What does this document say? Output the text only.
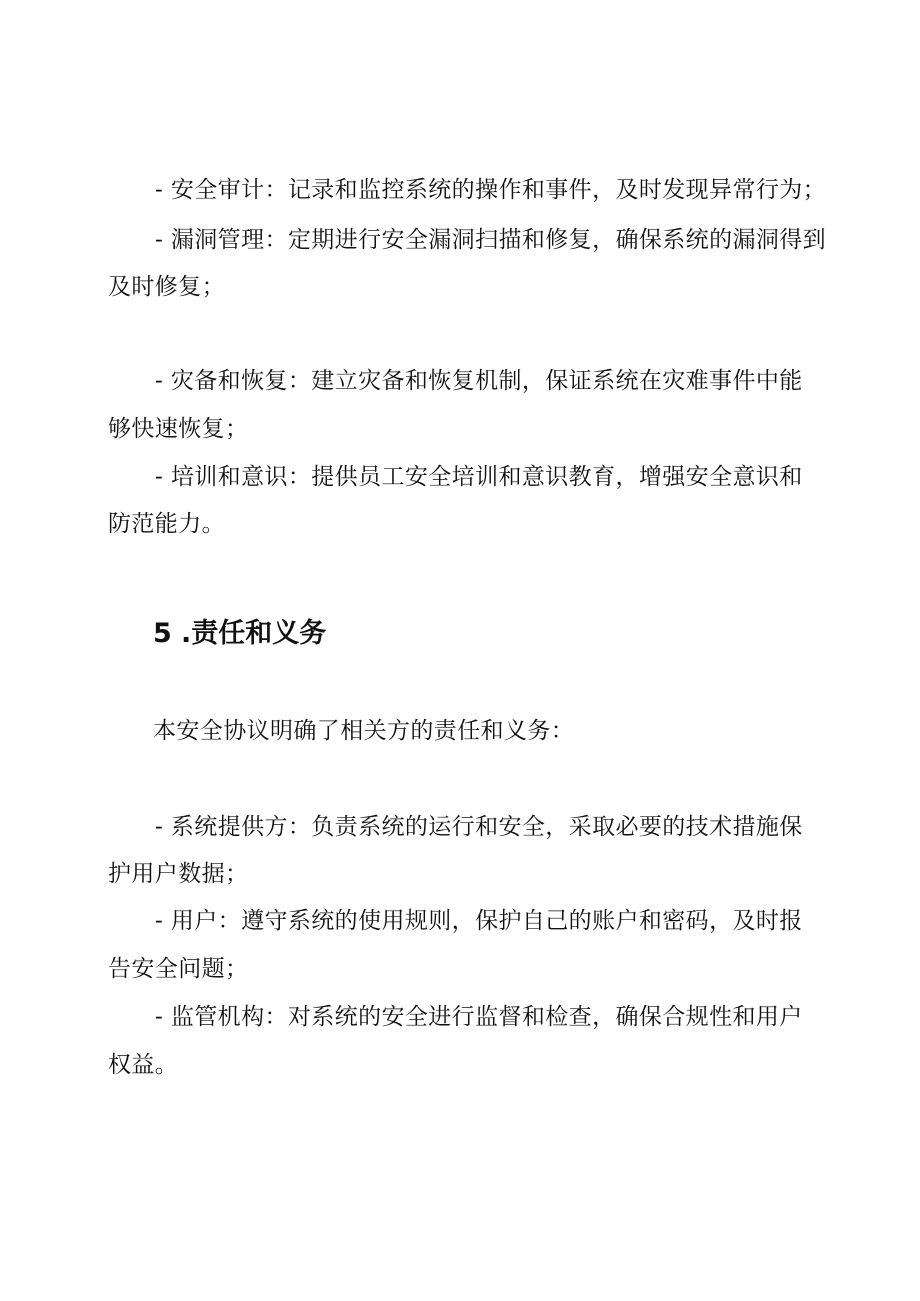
- 安全审计：记录和监控系统的操作和事件，及时发现异常行为；
- 漏洞管理：定期进行安全漏洞扫描和修复，确保系统的漏洞得到
及时修复；
- 灾备和恢复：建立灾备和恢复机制，保证系统在灾难事件中能
够快速恢复；
- 培训和意识：提供员工安全培训和意识教育，增强安全意识和
防范能力。
5 .责任和义务
本安全协议明确了相关方的责任和义务：
- 系统提供方：负责系统的运行和安全，采取必要的技术措施保
护用户数据；
- 用户：遵守系统的使用规则，保护自己的账户和密码，及时报
告安全问题；
- 监管机构：对系统的安全进行监督和检查，确保合规性和用户
权益。
